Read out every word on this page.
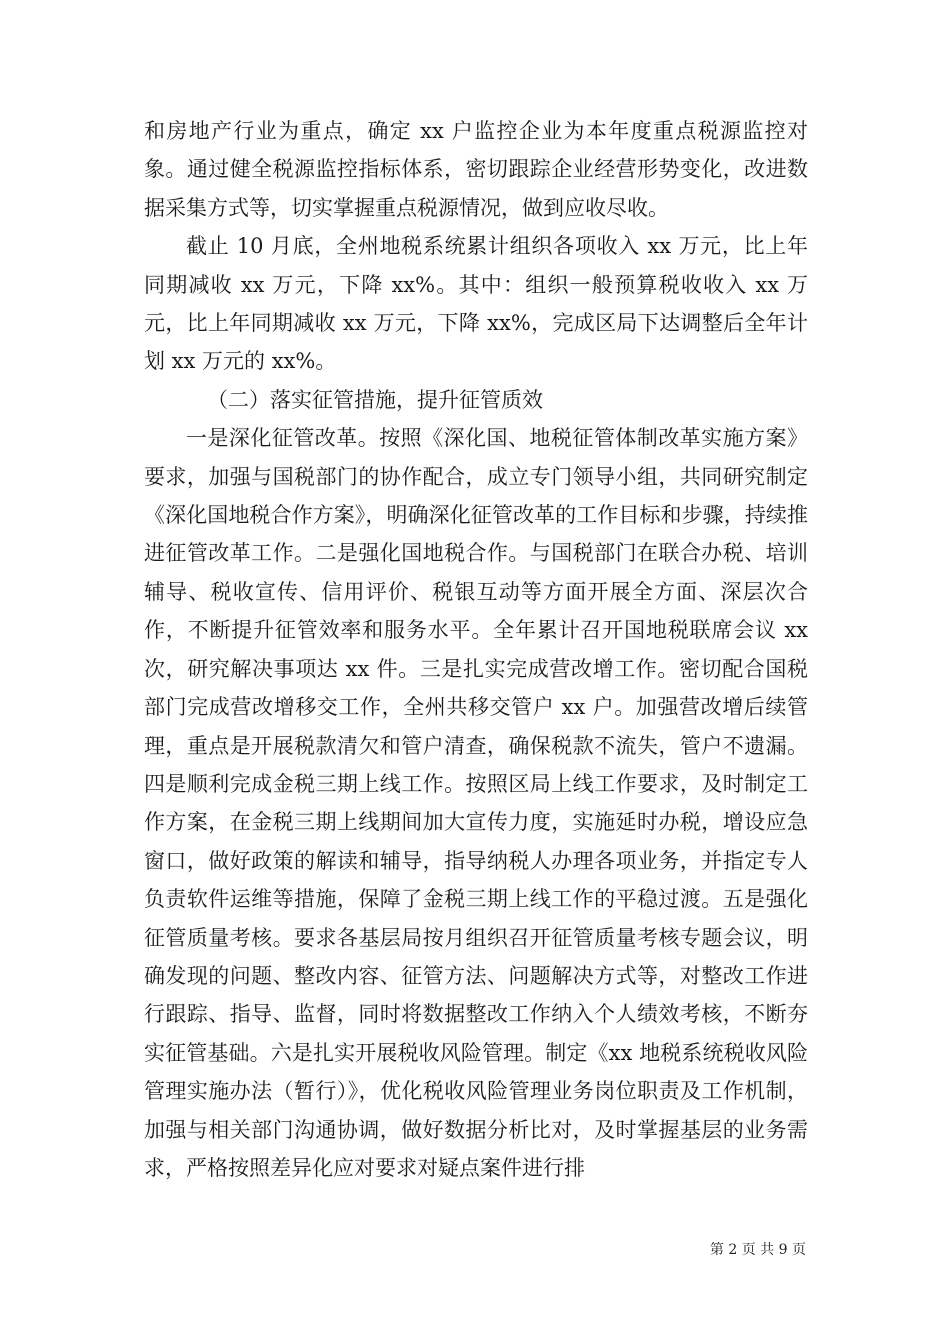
和房地产行业为重点，确定 xx 户监控企业为本年度重点税源监控对象。通过健全税源监控指标体系，密切跟踪企业经营形势变化，改进数据采集方式等，切实掌握重点税源情况，做到应收尽收。

截止 10 月底，全州地税系统累计组织各项收入 xx 万元，比上年同期减收 xx 万元，下降 xx%。其中：组织一般预算税收收入 xx 万元，比上年同期减收 xx 万元，下降 xx%，完成区局下达调整后全年计划 xx 万元的 xx%。

（二）落实征管措施，提升征管质效

一是深化征管改革。按照《深化国、地税征管体制改革实施方案》要求，加强与国税部门的协作配合，成立专门领导小组，共同研究制定《深化国地税合作方案》，明确深化征管改革的工作目标和步骤，持续推进征管改革工作。二是强化国地税合作。与国税部门在联合办税、培训辅导、税收宣传、信用评价、税银互动等方面开展全方面、深层次合作，不断提升征管效率和服务水平。全年累计召开国地税联席会议 xx 次，研究解决事项达 xx 件。三是扎实完成营改增工作。密切配合国税部门完成营改增移交工作，全州共移交管户 xx 户。加强营改增后续管理，重点是开展税款清欠和管户清查，确保税款不流失，管户不遗漏。四是顺利完成金税三期上线工作。按照区局上线工作要求，及时制定工作方案，在金税三期上线期间加大宣传力度，实施延时办税，增设应急窗口，做好政策的解读和辅导，指导纳税人办理各项业务，并指定专人负责软件运维等措施，保障了金税三期上线工作的平稳过渡。五是强化征管质量考核。要求各基层局按月组织召开征管质量考核专题会议，明确发现的问题、整改内容、征管方法、问题解决方式等，对整改工作进行跟踪、指导、监督，同时将数据整改工作纳入个人绩效考核，不断夯实征管基础。六是扎实开展税收风险管理。制定《xx 地税系统税收风险管理实施办法（暂行）》，优化税收风险管理业务岗位职责及工作机制，加强与相关部门沟通协调，做好数据分析比对，及时掌握基层的业务需求，严格按照差异化应对要求对疑点案件进行排

第 2 页 共 9 页
